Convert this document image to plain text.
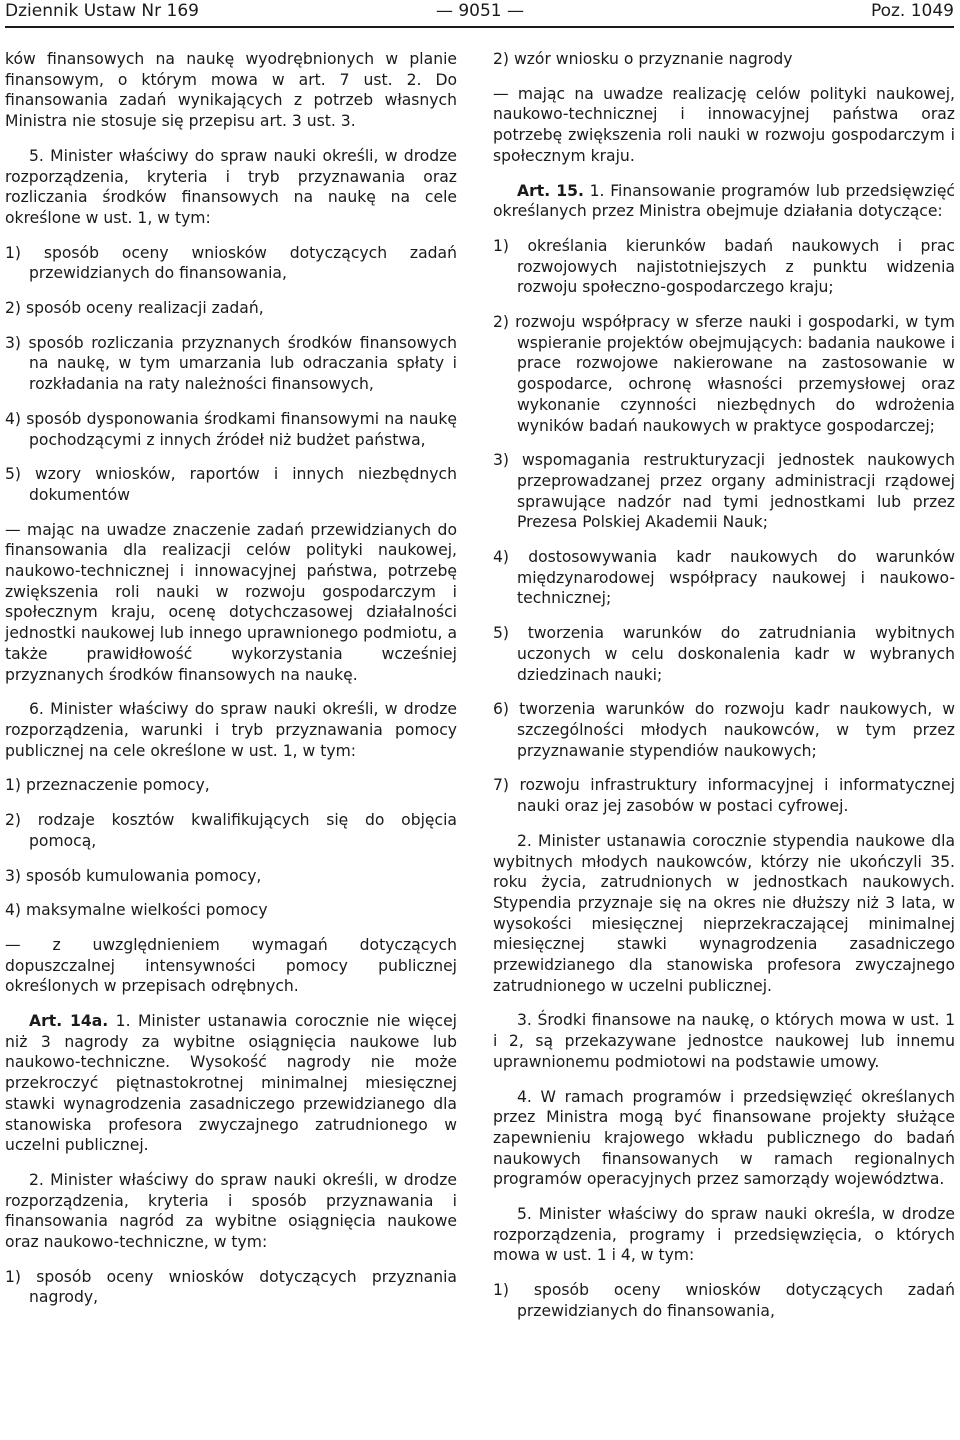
Dziennik Ustaw Nr 169	— 9051 —	Poz. 1049

ków finansowych na naukę wyodrębnionych w planie finansowym, o którym mowa w art. 7 ust. 2. Do finansowania zadań wynikających z potrzeb własnych Ministra nie stosuje się przepisu art. 3 ust. 3.

5. Minister właściwy do spraw nauki określi, w drodze rozporządzenia, kryteria i tryb przyznawania oraz rozliczania środków finansowych na naukę na cele określone w ust. 1, w tym:

1) sposób oceny wniosków dotyczących zadań przewidzianych do finansowania,

2) sposób oceny realizacji zadań,

3) sposób rozliczania przyznanych środków finansowych na naukę, w tym umarzania lub odraczania spłaty i rozkładania na raty należności finansowych,

4) sposób dysponowania środkami finansowymi na naukę pochodzącymi z innych źródeł niż budżet państwa,

5) wzory wniosków, raportów i innych niezbędnych dokumentów

— mając na uwadze znaczenie zadań przewidzianych do finansowania dla realizacji celów polityki naukowej, naukowo-technicznej i innowacyjnej państwa, potrzebę zwiększenia roli nauki w rozwoju gospodarczym i społecznym kraju, ocenę dotychczasowej działalności jednostki naukowej lub innego uprawnionego podmiotu, a także prawidłowość wykorzystania wcześniej przyznanych środków finansowych na naukę.

6. Minister właściwy do spraw nauki określi, w drodze rozporządzenia, warunki i tryb przyznawania pomocy publicznej na cele określone w ust. 1, w tym:

1) przeznaczenie pomocy,

2) rodzaje kosztów kwalifikujących się do objęcia pomocą,

3) sposób kumulowania pomocy,

4) maksymalne wielkości pomocy

— z uwzględnieniem wymagań dotyczących dopuszczalnej intensywności pomocy publicznej określonych w przepisach odrębnych.

Art. 14a. 1. Minister ustanawia corocznie nie więcej niż 3 nagrody za wybitne osiągnięcia naukowe lub naukowo-techniczne. Wysokość nagrody nie może przekroczyć piętnastokrotnej minimalnej miesięcznej stawki wynagrodzenia zasadniczego przewidzianego dla stanowiska profesora zwyczajnego zatrudnionego w uczelni publicznej.

2. Minister właściwy do spraw nauki określi, w drodze rozporządzenia, kryteria i sposób przyznawania i finansowania nagród za wybitne osiągnięcia naukowe oraz naukowo-techniczne, w tym:

1) sposób oceny wniosków dotyczących przyznania nagrody,

2) wzór wniosku o przyznanie nagrody

— mając na uwadze realizację celów polityki naukowej, naukowo-technicznej i innowacyjnej państwa oraz potrzebę zwiększenia roli nauki w rozwoju gospodarczym i społecznym kraju.

Art. 15. 1. Finansowanie programów lub przedsięwzięć określanych przez Ministra obejmuje działania dotyczące:

1) określania kierunków badań naukowych i prac rozwojowych najistotniejszych z punktu widzenia rozwoju społeczno-gospodarczego kraju;

2) rozwoju współpracy w sferze nauki i gospodarki, w tym wspieranie projektów obejmujących: badania naukowe i prace rozwojowe nakierowane na zastosowanie w gospodarce, ochronę własności przemysłowej oraz wykonanie czynności niezbędnych do wdrożenia wyników badań naukowych w praktyce gospodarczej;

3) wspomagania restrukturyzacji jednostek naukowych przeprowadzanej przez organy administracji rządowej sprawujące nadzór nad tymi jednostkami lub przez Prezesa Polskiej Akademii Nauk;

4) dostosowywania kadr naukowych do warunków międzynarodowej współpracy naukowej i naukowo-technicznej;

5) tworzenia warunków do zatrudniania wybitnych uczonych w celu doskonalenia kadr w wybranych dziedzinach nauki;

6) tworzenia warunków do rozwoju kadr naukowych, w szczególności młodych naukowców, w tym przez przyznawanie stypendiów naukowych;

7) rozwoju infrastruktury informacyjnej i informatycznej nauki oraz jej zasobów w postaci cyfrowej.

2. Minister ustanawia corocznie stypendia naukowe dla wybitnych młodych naukowców, którzy nie ukończyli 35. roku życia, zatrudnionych w jednostkach naukowych. Stypendia przyznaje się na okres nie dłuższy niż 3 lata, w wysokości miesięcznej nieprzekraczającej minimalnej miesięcznej stawki wynagrodzenia zasadniczego przewidzianego dla stanowiska profesora zwyczajnego zatrudnionego w uczelni publicznej.

3. Środki finansowe na naukę, o których mowa w ust. 1 i 2, są przekazywane jednostce naukowej lub innemu uprawnionemu podmiotowi na podstawie umowy.

4. W ramach programów i przedsięwzięć określanych przez Ministra mogą być finansowane projekty służące zapewnieniu krajowego wkładu publicznego do badań naukowych finansowanych w ramach regionalnych programów operacyjnych przez samorządy województwa.

5. Minister właściwy do spraw nauki określa, w drodze rozporządzenia, programy i przedsięwzięcia, o których mowa w ust. 1 i 4, w tym:

1) sposób oceny wniosków dotyczących zadań przewidzianych do finansowania,
